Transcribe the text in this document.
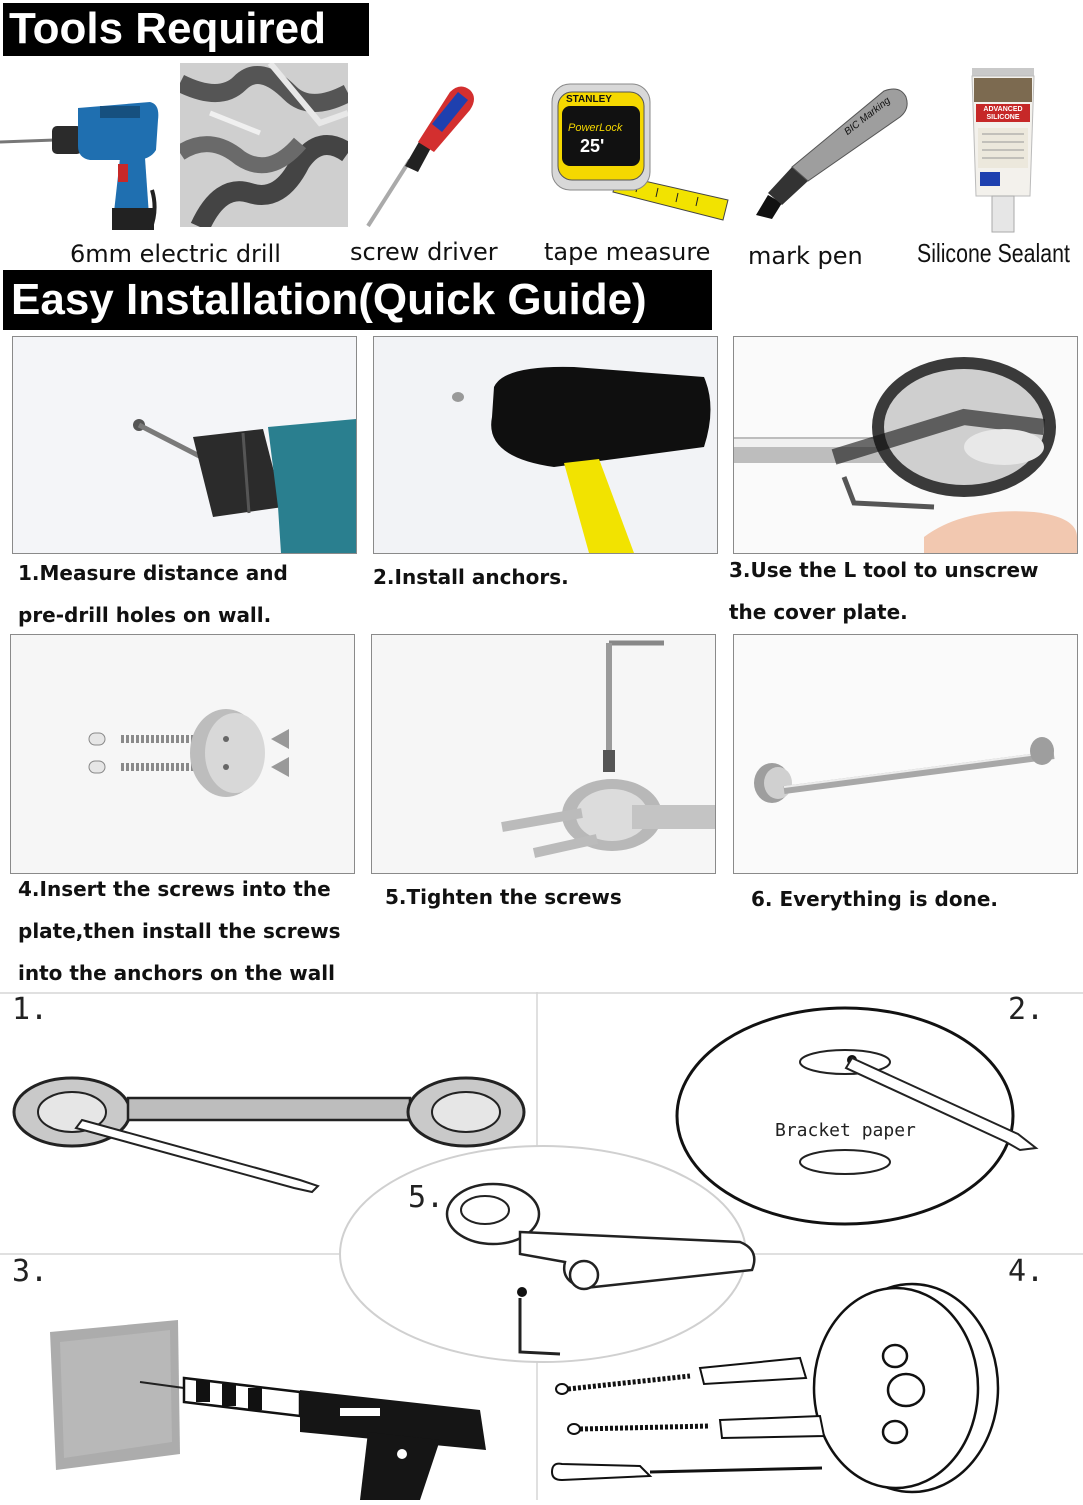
Tools Required
STANLEY
PowerLock
25'
BIC Marking	ADVANCED SILICONE
6mm electric drill	screw driver tape measure mark pen Silicone Sealant
Easy Installation(Quick Guide)
1.Measure distance and
pre-drill holes on wall.
2.Install anchors.	3.Use the L tool to unscrew
the cover plate.
4.Insert the screws into the
plate,then install the screws
into the anchors on the wall
5.Tighten the screws	6. Everything is done.
Bracket paper
1.	2.
3.	4.
5.
